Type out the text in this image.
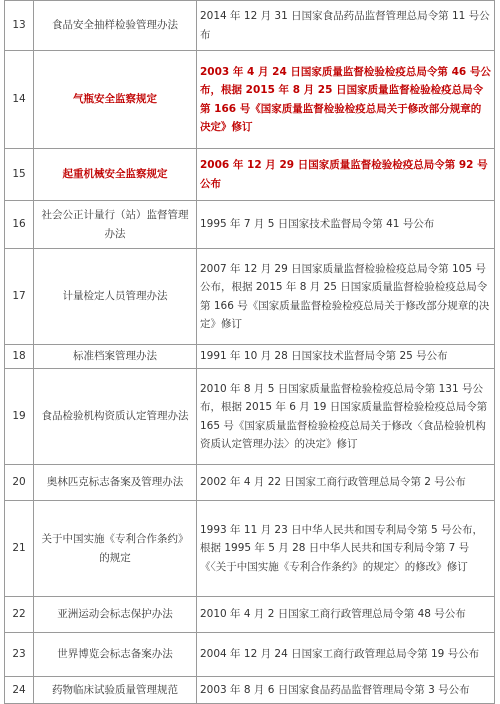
13	食品安全抽样检验管理办法	2014 年 12 月 31 日国家食品药品监督管理总局令第 11 号公布
14	气瓶安全监察规定	2003 年 4 月 24 日国家质量监督检验检疫总局令第 46 号公布，根据 2015 年 8 月 25 日国家质量监督检验检疫总局令第 166 号《国家质量监督检验检疫总局关于修改部分规章的决定》修订
15	起重机械安全监察规定	2006 年 12 月 29 日国家质量监督检验检疫总局令第 92 号公布
16	社会公正计量行（站）监督管理办法	1995 年 7 月 5 日国家技术监督局令第 41 号公布
17	计量检定人员管理办法	2007 年 12 月 29 日国家质量监督检验检疫总局令第 105 号公布，根据 2015 年 8 月 25 日国家质量监督检验检疫总局令第 166 号《国家质量监督检验检疫总局关于修改部分规章的决定》修订
18	标准档案管理办法	1991 年 10 月 28 日国家技术监督局令第 25 号公布
19	食品检验机构资质认定管理办法	2010 年 8 月 5 日国家质量监督检验检疫总局令第 131 号公布，根据 2015 年 6 月 19 日国家质量监督检验检疫总局令第 165 号《国家质量监督检验检疫总局关于修改〈食品检验机构资质认定管理办法〉的决定》修订
20	奥林匹克标志备案及管理办法	2002 年 4 月 22 日国家工商行政管理总局令第 2 号公布
21	关于中国实施《专利合作条约》的规定	1993 年 11 月 23 日中华人民共和国专利局令第 5 号公布，根据 1995 年 5 月 28 日中华人民共和国专利局令第 7 号《〈关于中国实施《专利合作条约》的规定〉的修改》修订
22	亚洲运动会标志保护办法	2010 年 4 月 2 日国家工商行政管理总局令第 48 号公布
23	世界博览会标志备案办法	2004 年 12 月 24 日国家工商行政管理总局令第 19 号公布
24	药物临床试验质量管理规范	2003 年 8 月 6 日国家食品药品监督管理局令第 3 号公布
